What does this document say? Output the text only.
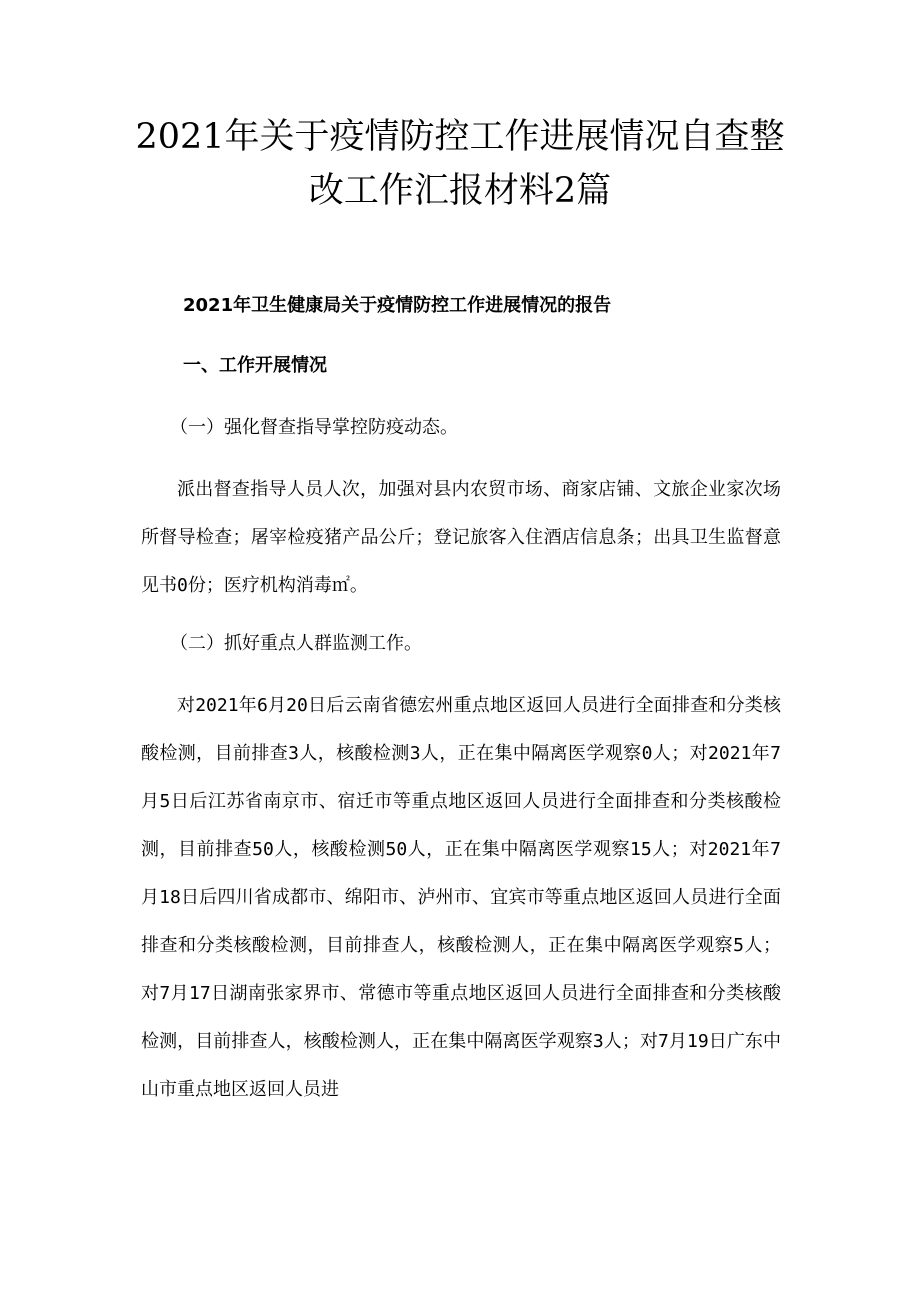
2021年关于疫情防控工作进展情况自查整改工作汇报材料2篇
2021年卫生健康局关于疫情防控工作进展情况的报告
一、工作开展情况

（一）强化督查指导掌控防疫动态。

派出督查指导人员人次，加强对县内农贸市场、商家店铺、文旅企业家次场所督导检查；屠宰检疫猪产品公斤；登记旅客入住酒店信息条；出具卫生监督意见书0份；医疗机构消毒㎡。

（二）抓好重点人群监测工作。

对2021年6月20日后云南省德宏州重点地区返回人员进行全面排查和分类核酸检测，目前排查3人，核酸检测3人，正在集中隔离医学观察0人；对2021年7月5日后江苏省南京市、宿迁市等重点地区返回人员进行全面排查和分类核酸检测，目前排查50人，核酸检测50人，正在集中隔离医学观察15人；对2021年7月18日后四川省成都市、绵阳市、泸州市、宜宾市等重点地区返回人员进行全面排查和分类核酸检测，目前排查人，核酸检测人，正在集中隔离医学观察5人；对7月17日湖南张家界市、常德市等重点地区返回人员进行全面排查和分类核酸检测，目前排查人，核酸检测人，正在集中隔离医学观察3人；对7月19日广东中山市重点地区返回人员进
